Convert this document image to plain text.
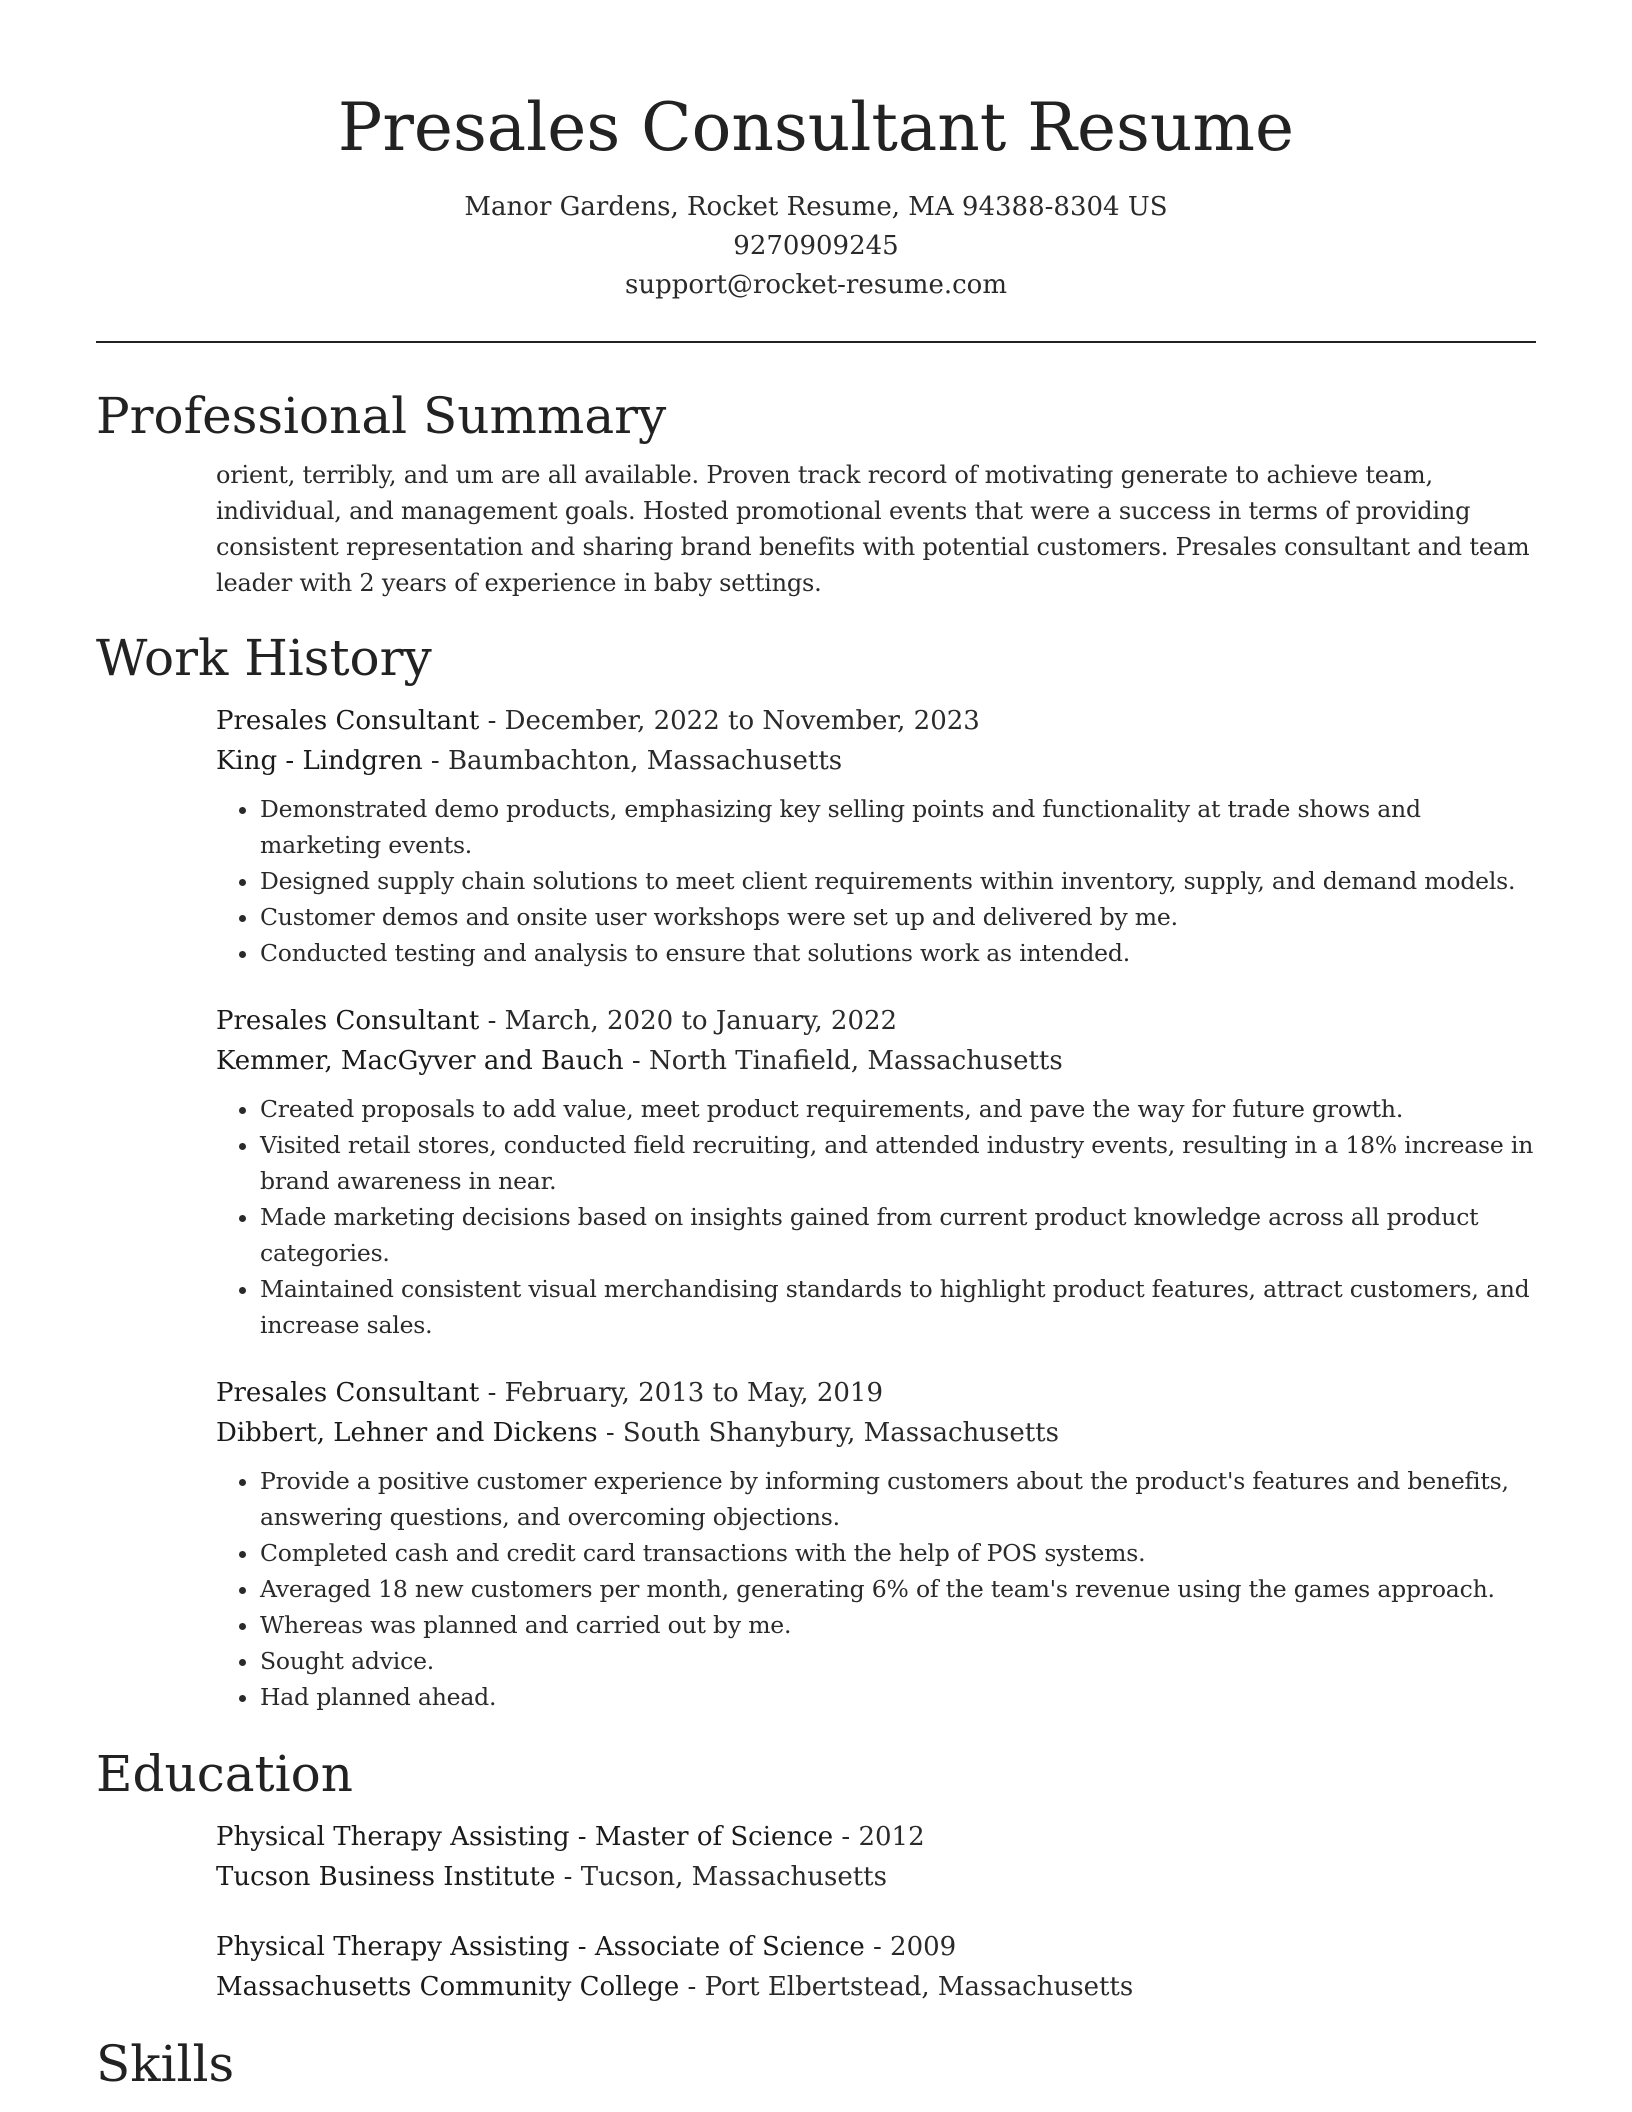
Presales Consultant Resume
Manor Gardens, Rocket Resume, MA 94388-8304 US
9270909245
support@rocket-resume.com
Professional Summary
orient, terribly, and um are all available. Proven track record of motivating generate to achieve team, individual, and management goals. Hosted promotional events that were a success in terms of providing consistent representation and sharing brand benefits with potential customers. Presales consultant and team leader with 2 years of experience in baby settings.
Work History
Presales Consultant - December, 2022 to November, 2023
King - Lindgren - Baumbachton, Massachusetts
• Demonstrated demo products, emphasizing key selling points and functionality at trade shows and marketing events.
• Designed supply chain solutions to meet client requirements within inventory, supply, and demand models.
• Customer demos and onsite user workshops were set up and delivered by me.
• Conducted testing and analysis to ensure that solutions work as intended.
Presales Consultant - March, 2020 to January, 2022
Kemmer, MacGyver and Bauch - North Tinafield, Massachusetts
• Created proposals to add value, meet product requirements, and pave the way for future growth.
• Visited retail stores, conducted field recruiting, and attended industry events, resulting in a 18% increase in brand awareness in near.
• Made marketing decisions based on insights gained from current product knowledge across all product categories.
• Maintained consistent visual merchandising standards to highlight product features, attract customers, and increase sales.
Presales Consultant - February, 2013 to May, 2019
Dibbert, Lehner and Dickens - South Shanybury, Massachusetts
• Provide a positive customer experience by informing customers about the product's features and benefits, answering questions, and overcoming objections.
• Completed cash and credit card transactions with the help of POS systems.
• Averaged 18 new customers per month, generating 6% of the team's revenue using the games approach.
• Whereas was planned and carried out by me.
• Sought advice.
• Had planned ahead.
Education
Physical Therapy Assisting - Master of Science - 2012
Tucson Business Institute - Tucson, Massachusetts
Physical Therapy Assisting - Associate of Science - 2009
Massachusetts Community College - Port Elbertstead, Massachusetts
Skills
